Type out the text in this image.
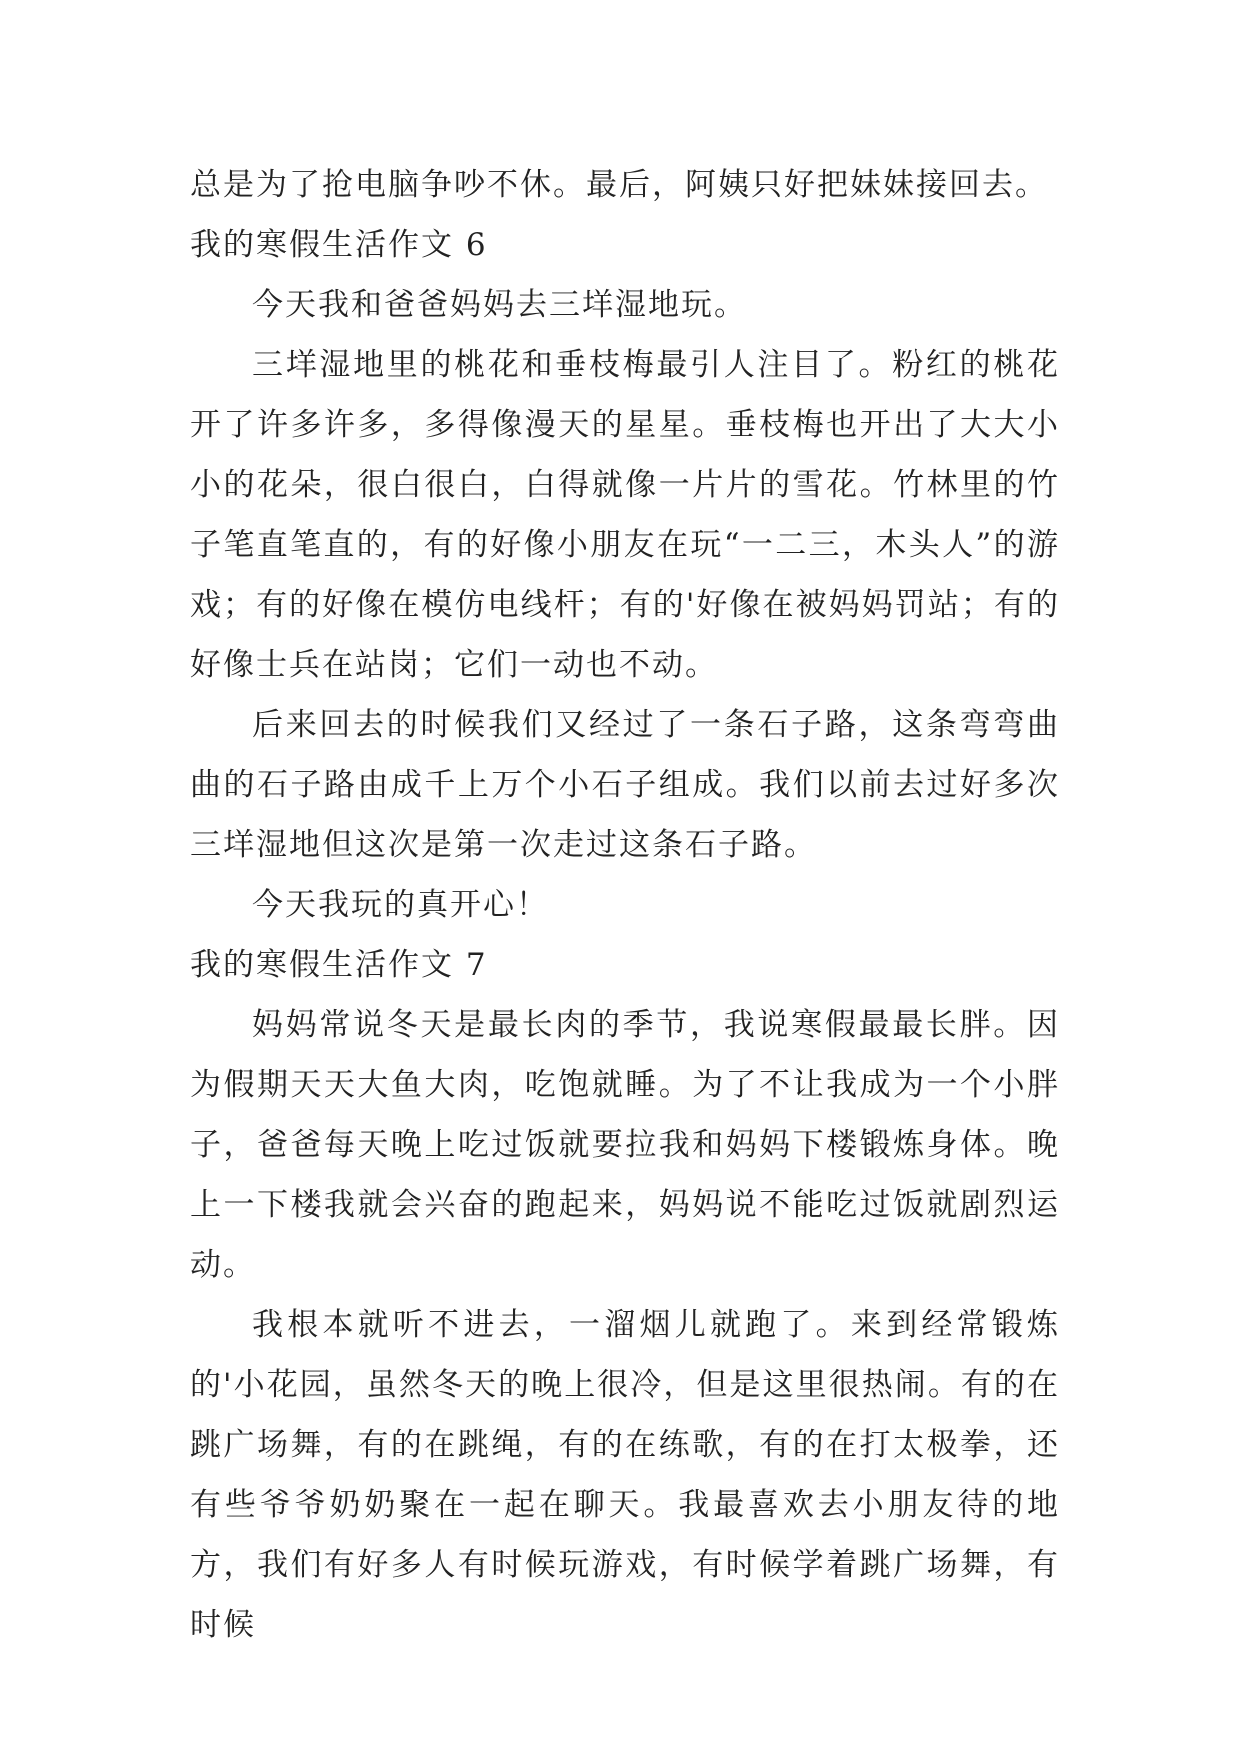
总是为了抢电脑争吵不休。最后，阿姨只好把妹妹接回去。

我的寒假生活作文 6

今天我和爸爸妈妈去三垟湿地玩。

三垟湿地里的桃花和垂枝梅最引人注目了。粉红的桃花开了许多许多，多得像漫天的星星。垂枝梅也开出了大大小小的花朵，很白很白，白得就像一片片的雪花。竹林里的竹子笔直笔直的，有的好像小朋友在玩“一二三，木头人”的游戏；有的好像在模仿电线杆；有的'好像在被妈妈罚站；有的好像士兵在站岗；它们一动也不动。

后来回去的时候我们又经过了一条石子路，这条弯弯曲曲的石子路由成千上万个小石子组成。我们以前去过好多次三垟湿地但这次是第一次走过这条石子路。

今天我玩的真开心！

我的寒假生活作文 7

妈妈常说冬天是最长肉的季节，我说寒假最最长胖。因为假期天天大鱼大肉，吃饱就睡。为了不让我成为一个小胖子，爸爸每天晚上吃过饭就要拉我和妈妈下楼锻炼身体。晚上一下楼我就会兴奋的跑起来，妈妈说不能吃过饭就剧烈运动。

我根本就听不进去，一溜烟儿就跑了。来到经常锻炼的'小花园，虽然冬天的晚上很冷，但是这里很热闹。有的在跳广场舞，有的在跳绳，有的在练歌，有的在打太极拳，还有些爷爷奶奶聚在一起在聊天。我最喜欢去小朋友待的地方，我们有好多人有时候玩游戏，有时候学着跳广场舞，有时候
